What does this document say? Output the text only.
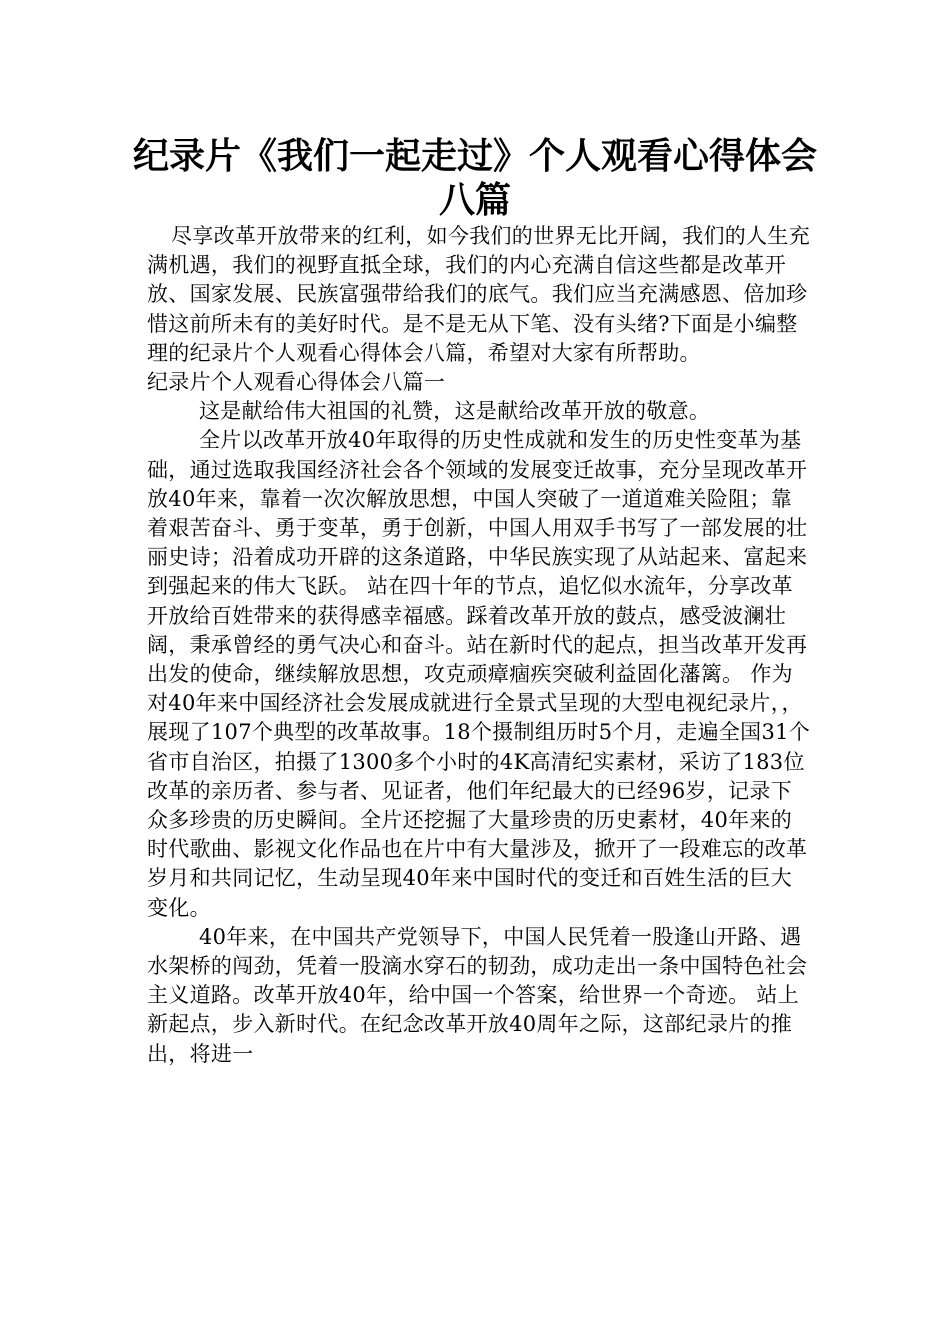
纪录片《我们一起走过》个人观看心得体会八篇

尽享改革开放带来的红利，如今我们的世界无比开阔，我们的人生充满机遇，我们的视野直抵全球，我们的内心充满自信这些都是改革开放、国家发展、民族富强带给我们的底气。我们应当充满感恩、倍加珍惜这前所未有的美好时代。是不是无从下笔、没有头绪?下面是小编整理的纪录片个人观看心得体会八篇，希望对大家有所帮助。

纪录片个人观看心得体会八篇一

这是献给伟大祖国的礼赞，这是献给改革开放的敬意。

全片以改革开放40年取得的历史性成就和发生的历史性变革为基础，通过选取我国经济社会各个领域的发展变迁故事，充分呈现改革开放40年来，靠着一次次解放思想，中国人突破了一道道难关险阻；靠着艰苦奋斗、勇于变革，勇于创新，中国人用双手书写了一部发展的壮丽史诗；沿着成功开辟的这条道路，中华民族实现了从站起来、富起来到强起来的伟大飞跃。 站在四十年的节点，追忆似水流年，分享改革开放给百姓带来的获得感幸福感。踩着改革开放的鼓点，感受波澜壮阔，秉承曾经的勇气决心和奋斗。站在新时代的起点，担当改革开发再出发的使命，继续解放思想，攻克顽瘴痼疾突破利益固化藩篱。 作为对40年来中国经济社会发展成就进行全景式呈现的大型电视纪录片，，展现了107个典型的改革故事。18个摄制组历时5个月，走遍全国31个省市自治区，拍摄了1300多个小时的4K高清纪实素材，采访了183位改革的亲历者、参与者、见证者，他们年纪最大的已经96岁，记录下众多珍贵的历史瞬间。全片还挖掘了大量珍贵的历史素材，40年来的时代歌曲、影视文化作品也在片中有大量涉及，掀开了一段难忘的改革岁月和共同记忆，生动呈现40年来中国时代的变迁和百姓生活的巨大变化。

40年来，在中国共产党领导下，中国人民凭着一股逢山开路、遇水架桥的闯劲，凭着一股滴水穿石的韧劲，成功走出一条中国特色社会主义道路。改革开放40年，给中国一个答案，给世界一个奇迹。 站上新起点，步入新时代。在纪念改革开放40周年之际，这部纪录片的推出，将进一
